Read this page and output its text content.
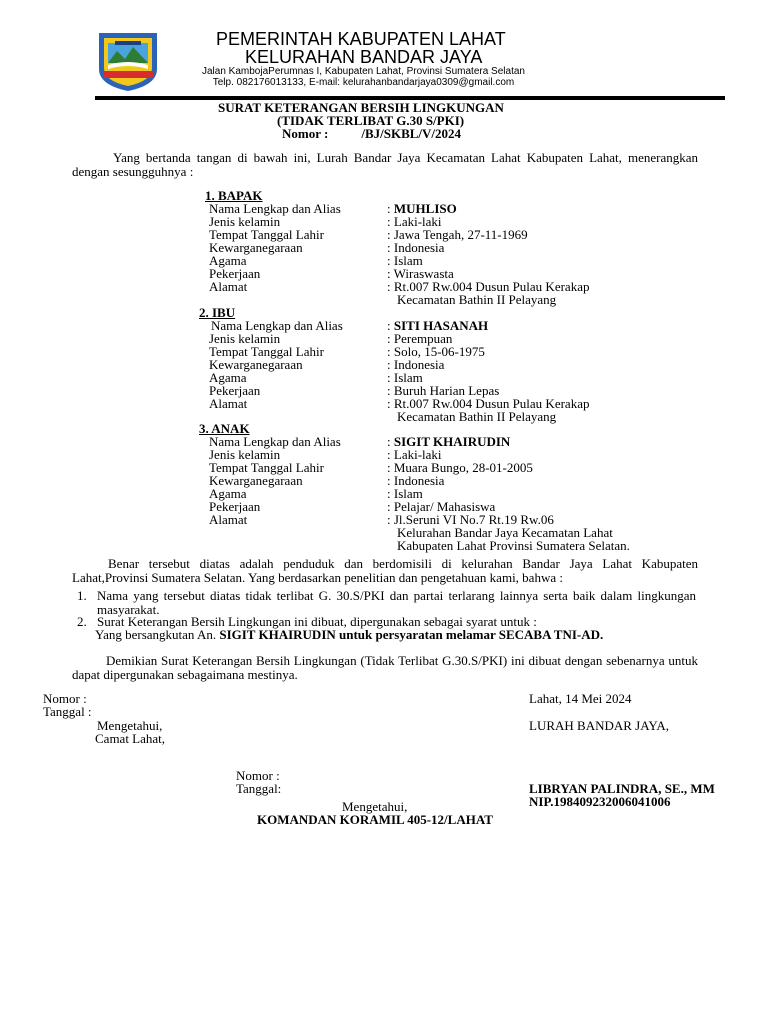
PEMERINTAH KABUPATEN LAHAT
KELURAHAN BANDAR JAYA
Jalan KambojaPerumnas I, Kabupaten Lahat, Provinsi Sumatera Selatan
Telp. 082176013133, E-mail: kelurahanbandarjaya0309@gmail.com
SURAT KETERANGAN BERSIH LINGKUNGAN
(TIDAK TERLIBAT G.30 S/PKI)
Nomor :	/BJ/SKBL/V/2024
Yang bertanda tangan di bawah ini, Lurah Bandar Jaya Kecamatan Lahat Kabupaten Lahat, menerangkan dengan sesungguhnya :
1. BAPAK
Nama Lengkap dan Alias	: MUHLISO
Jenis kelamin	: Laki-laki
Tempat Tanggal Lahir	: Jawa Tengah, 27-11-1969
Kewarganegaraan	: Indonesia
Agama	: Islam
Pekerjaan	: Wiraswasta
Alamat	: Rt.007 Rw.004 Dusun Pulau Kerakap
Kecamatan Bathin II Pelayang
2. IBU
Nama Lengkap dan Alias	: SITI HASANAH
Jenis kelamin	: Perempuan
Tempat Tanggal Lahir	: Solo, 15-06-1975
Kewarganegaraan	: Indonesia
Agama	: Islam
Pekerjaan	: Buruh Harian Lepas
Alamat	: Rt.007 Rw.004 Dusun Pulau Kerakap
Kecamatan Bathin II Pelayang
3. ANAK
Nama Lengkap dan Alias	: SIGIT KHAIRUDIN
Jenis kelamin	: Laki-laki
Tempat Tanggal Lahir	: Muara Bungo, 28-01-2005
Kewarganegaraan	: Indonesia
Agama	: Islam
Pekerjaan	: Pelajar/ Mahasiswa
Alamat	: Jl.Seruni VI No.7 Rt.19 Rw.06
Kelurahan Bandar Jaya Kecamatan Lahat
Kabupaten Lahat Provinsi Sumatera Selatan.
Benar tersebut diatas adalah penduduk dan berdomisili di kelurahan Bandar Jaya Lahat Kabupaten Lahat,Provinsi Sumatera Selatan. Yang berdasarkan penelitian dan pengetahuan kami, bahwa :
1. Nama yang tersebut diatas tidak terlibat G. 30.S/PKI dan partai terlarang lainnya serta baik dalam lingkungan masyarakat.
2. Surat Keterangan Bersih Lingkungan ini dibuat, dipergunakan sebagai syarat untuk :
Yang bersangkutan An. SIGIT KHAIRUDIN untuk persyaratan melamar SECABA TNI-AD.
Demikian Surat Keterangan Bersih Lingkungan (Tidak Terlibat G.30.S/PKI) ini dibuat dengan sebenarnya untuk dapat dipergunakan sebagaimana mestinya.
Nomor :
Tanggal :
Mengetahui,
Camat Lahat,
Lahat, 14 Mei 2024
LURAH BANDAR JAYA,
LIBRYAN PALINDRA, SE., MM
NIP.198409232006041006
Nomor :
Tanggal:
Mengetahui,
KOMANDAN KORAMIL 405-12/LAHAT
